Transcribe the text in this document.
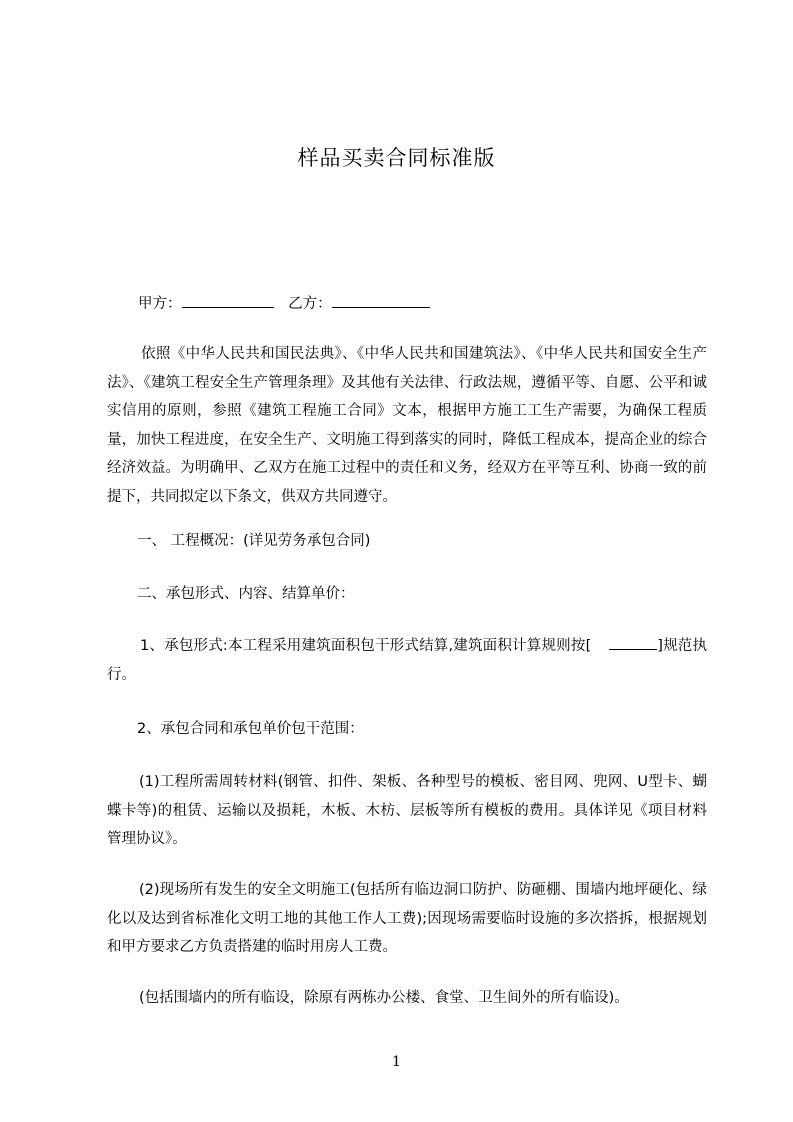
样品买卖合同标准版
甲方：	乙方：
依照《中华人民共和国民法典》、《中华人民共和国建筑法》、《中华人民共和国安全生产法》、《建筑工程安全生产管理条理》及其他有关法律、行政法规，遵循平等、自愿、公平和诚实信用的原则，参照《建筑工程施工合同》文本，根据甲方施工工生产需要，为确保工程质量，加快工程进度，在安全生产、文明施工得到落实的同时，降低工程成本，提高企业的综合经济效益。为明确甲、乙双方在施工过程中的责任和义务，经双方在平等互利、协商一致的前提下，共同拟定以下条文，供双方共同遵守。
一、 工程概况：(详见劳务承包合同)
二、承包形式、内容、结算单价：
1、承包形式:本工程采用建筑面积包干形式结算,建筑面积计算规则按[	]规范执行。
2、承包合同和承包单价包干范围：
(1)工程所需周转材料(钢管、扣件、架板、各种型号的模板、密目网、兜网、U型卡、蝴蝶卡等)的租赁、运输以及损耗，木板、木枋、层板等所有模板的费用。具体详见《项目材料管理协议》。
(2)现场所有发生的安全文明施工(包括所有临边洞口防护、防砸棚、围墙内地坪硬化、绿化以及达到省标准化文明工地的其他工作人工费);因现场需要临时设施的多次搭拆，根据规划和甲方要求乙方负责搭建的临时用房人工费。
(包括围墙内的所有临设，除原有两栋办公楼、食堂、卫生间外的所有临设)。
1
